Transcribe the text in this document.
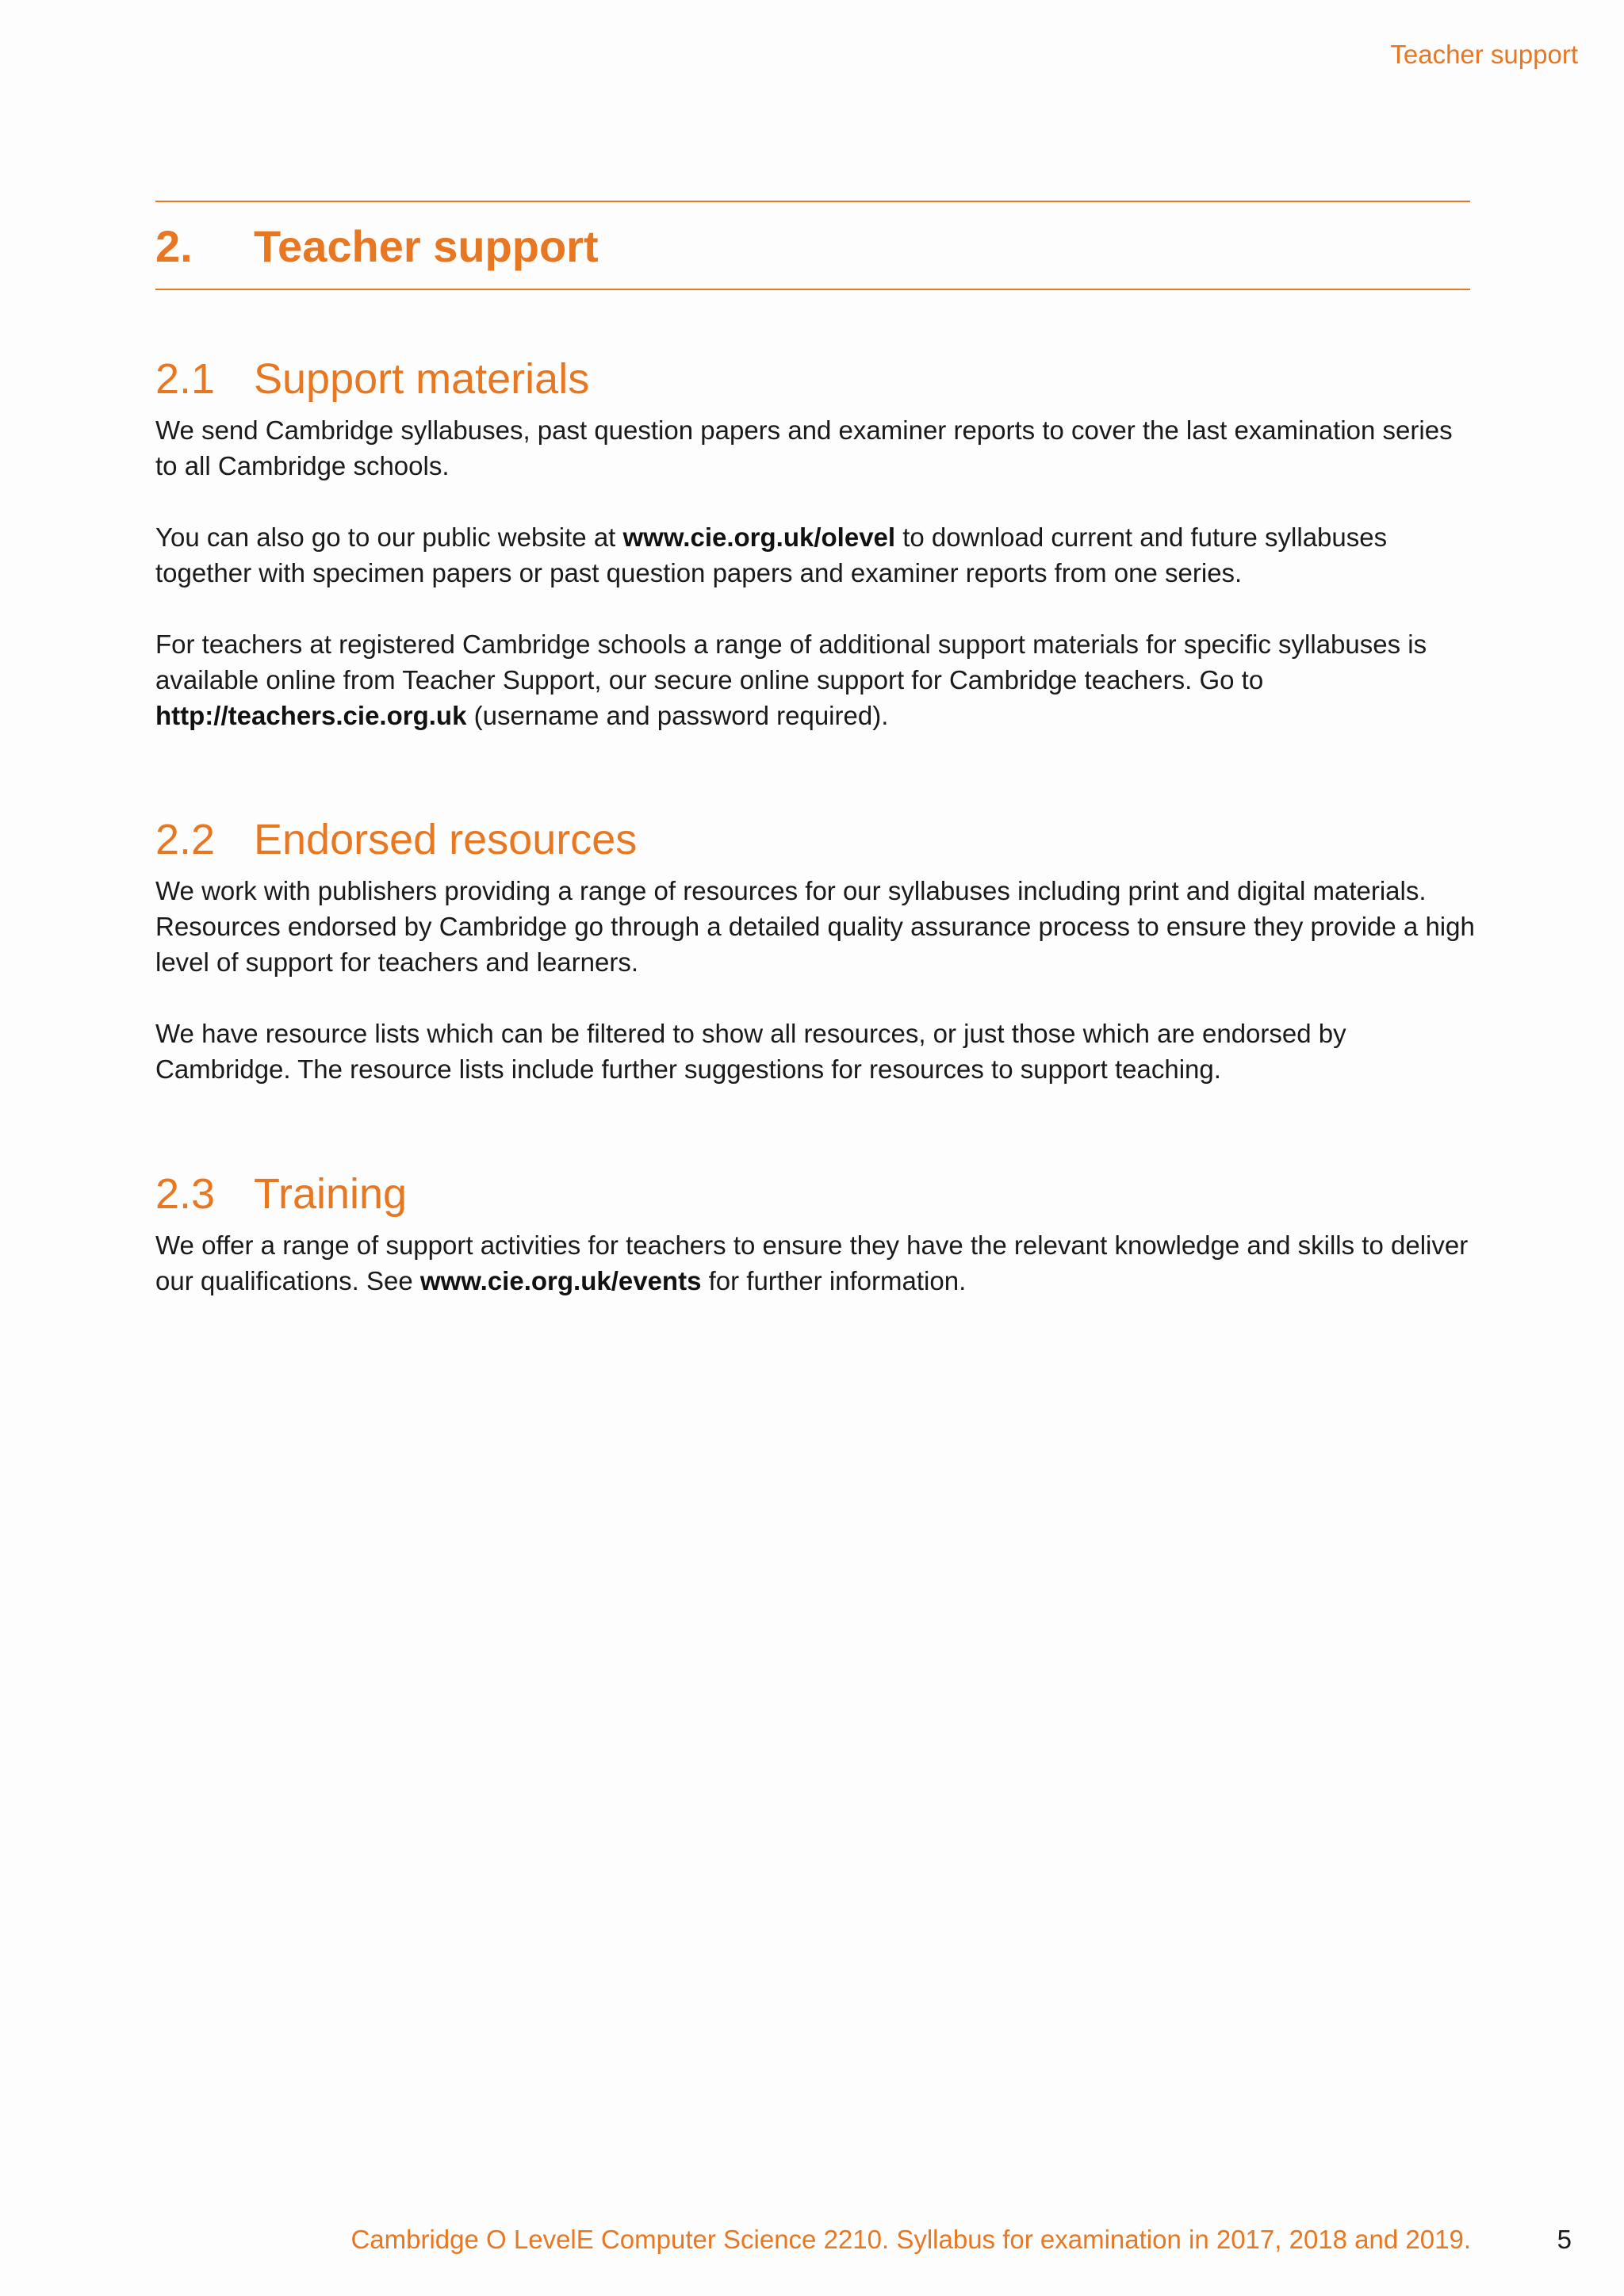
Teacher support
2. Teacher support
2.1 Support materials

We send Cambridge syllabuses, past question papers and examiner reports to cover the last examination series to all Cambridge schools.

You can also go to our public website at www.cie.org.uk/olevel to download current and future syllabuses together with specimen papers or past question papers and examiner reports from one series.

For teachers at registered Cambridge schools a range of additional support materials for specific syllabuses is available online from Teacher Support, our secure online support for Cambridge teachers. Go to http://teachers.cie.org.uk (username and password required).

2.2 Endorsed resources

We work with publishers providing a range of resources for our syllabuses including print and digital materials. Resources endorsed by Cambridge go through a detailed quality assurance process to ensure they provide a high level of support for teachers and learners.

We have resource lists which can be filtered to show all resources, or just those which are endorsed by Cambridge. The resource lists include further suggestions for resources to support teaching.

2.3 Training

We offer a range of support activities for teachers to ensure they have the relevant knowledge and skills to deliver our qualifications. See www.cie.org.uk/events for further information.

Cambridge O LevelE Computer Science 2210. Syllabus for examination in 2017, 2018 and 2019.	5
